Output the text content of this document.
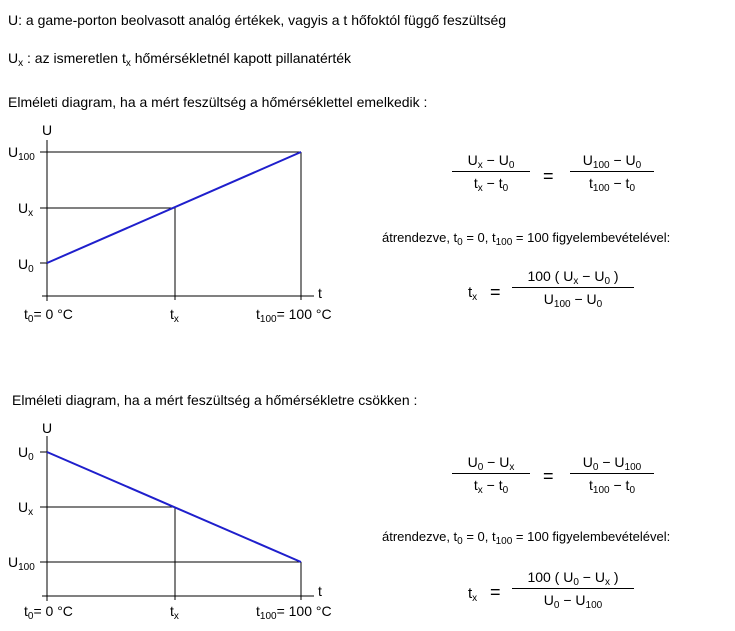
U: a game-porton beolvasott analóg értékek, vagyis a t hőfoktól függő feszültség
$U_x$ : az ismeretlen $t_x$ hőmérsékletnél kapott pillanatérték
Elméleti diagram, ha a mért feszültség a hőmérséklettel emelkedik :
U
t
$U_{100}$
$U_x$
$U_0$
$t_0= 0$ °C	$t_x$	$t_{100}= 100$ °C
$U_x - U_0$
$t_x - t_0$
=
$U_{100} - U_0$
$t_{100} - t_0$
átrendezve, $t_0 = 0$, $t_{100} = 100$ figyelembevételével:
$t_x$ =
100 ( $U_x - U_0$ )
$U_{100} - U_0$
Elméleti diagram, ha a mért feszültség a hőmérsékletre csökken :
U
t
$U_0$
$U_x$
$U_{100}$
$t_0= 0$ °C	$t_x$	$t_{100}= 100$ °C
$U_0 - U_x$
$t_x - t_0$
=
$U_0 - U_{100}$
$t_{100} - t_0$
átrendezve, $t_0 = 0$, $t_{100} = 100$ figyelembevételével:
$t_x$ =
100 ( $U_0 - U_x$ )
$U_0 - U_{100}$
